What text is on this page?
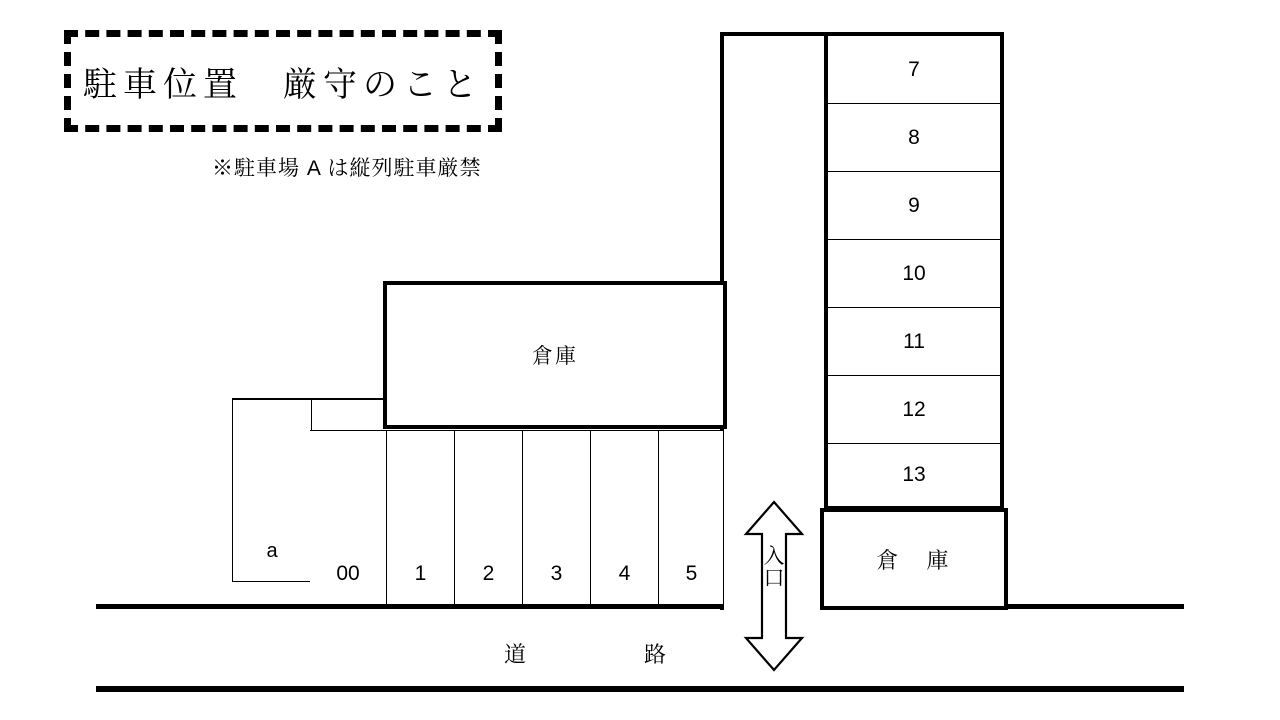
駐車位置　厳守のこと
※駐車場 A は縦列駐車厳禁
7
8
9
10
11
12
13
倉　庫
倉庫
a
00	1	2	3	4	5
入
口
道	路
